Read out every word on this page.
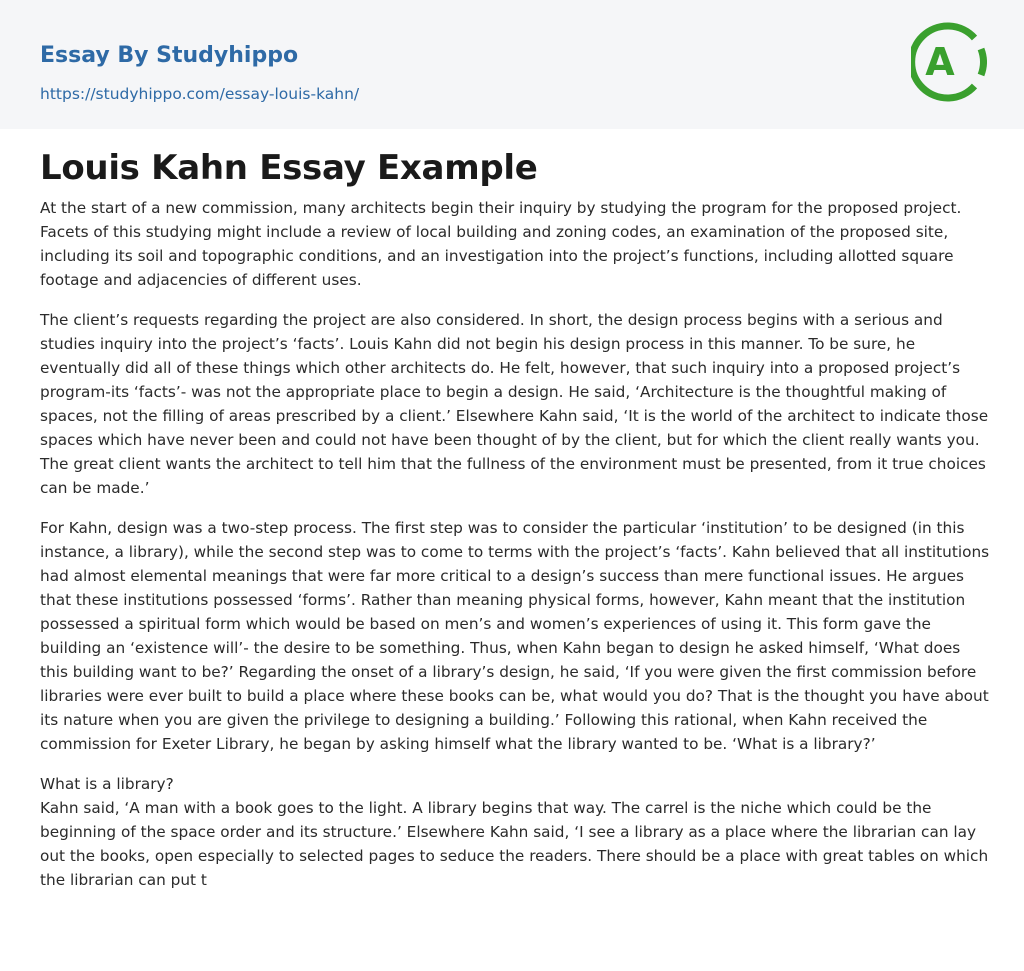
Essay By Studyhippo
https://studyhippo.com/essay-louis-kahn/
A
Louis Kahn Essay Example

At the start of a new commission, many architects begin their inquiry by studying the program for the proposed project. Facets of this studying might include a review of local building and zoning codes, an examination of the proposed site, including its soil and topographic conditions, and an investigation into the project’s functions, including allotted square footage and adjacencies of different uses.

The client’s requests regarding the project are also considered. In short, the design process begins with a serious and studies inquiry into the project’s ‘facts’. Louis Kahn did not begin his design process in this manner. To be sure, he eventually did all of these things which other architects do. He felt, however, that such inquiry into a proposed project’s program-its ‘facts’- was not the appropriate place to begin a design. He said, ‘Architecture is the thoughtful making of spaces, not the filling of areas prescribed by a client.’ Elsewhere Kahn said, ‘It is the world of the architect to indicate those spaces which have never been and could not have been thought of by the client, but for which the client really wants you. The great client wants the architect to tell him that the fullness of the environment must be presented, from it true choices can be made.’

For Kahn, design was a two-step process. The first step was to consider the particular ‘institution’ to be designed (in this instance, a library), while the second step was to come to terms with the project’s ‘facts’. Kahn believed that all institutions had almost elemental meanings that were far more critical to a design’s success than mere functional issues. He argues that these institutions possessed ‘forms’. Rather than meaning physical forms, however, Kahn meant that the institution possessed a spiritual form which would be based on men’s and women’s experiences of using it. This form gave the building an ‘existence will’- the desire to be something. Thus, when Kahn began to design he asked himself, ‘What does this building want to be?’ Regarding the onset of a library’s design, he said, ‘If you were given the first commission before libraries were ever built to build a place where these books can be, what would you do? That is the thought you have about its nature when you are given the privilege to designing a building.’ Following this rational, when Kahn received the commission for Exeter Library, he began by asking himself what the library wanted to be. ‘What is a library?’

What is a library?

Kahn said, ‘A man with a book goes to the light. A library begins that way. The carrel is the niche which could be the beginning of the space order and its structure.’ Elsewhere Kahn said, ‘I see a library as a place where the librarian can lay out the books, open especially to selected pages to seduce the readers. There should be a place with great tables on which the librarian can put t
